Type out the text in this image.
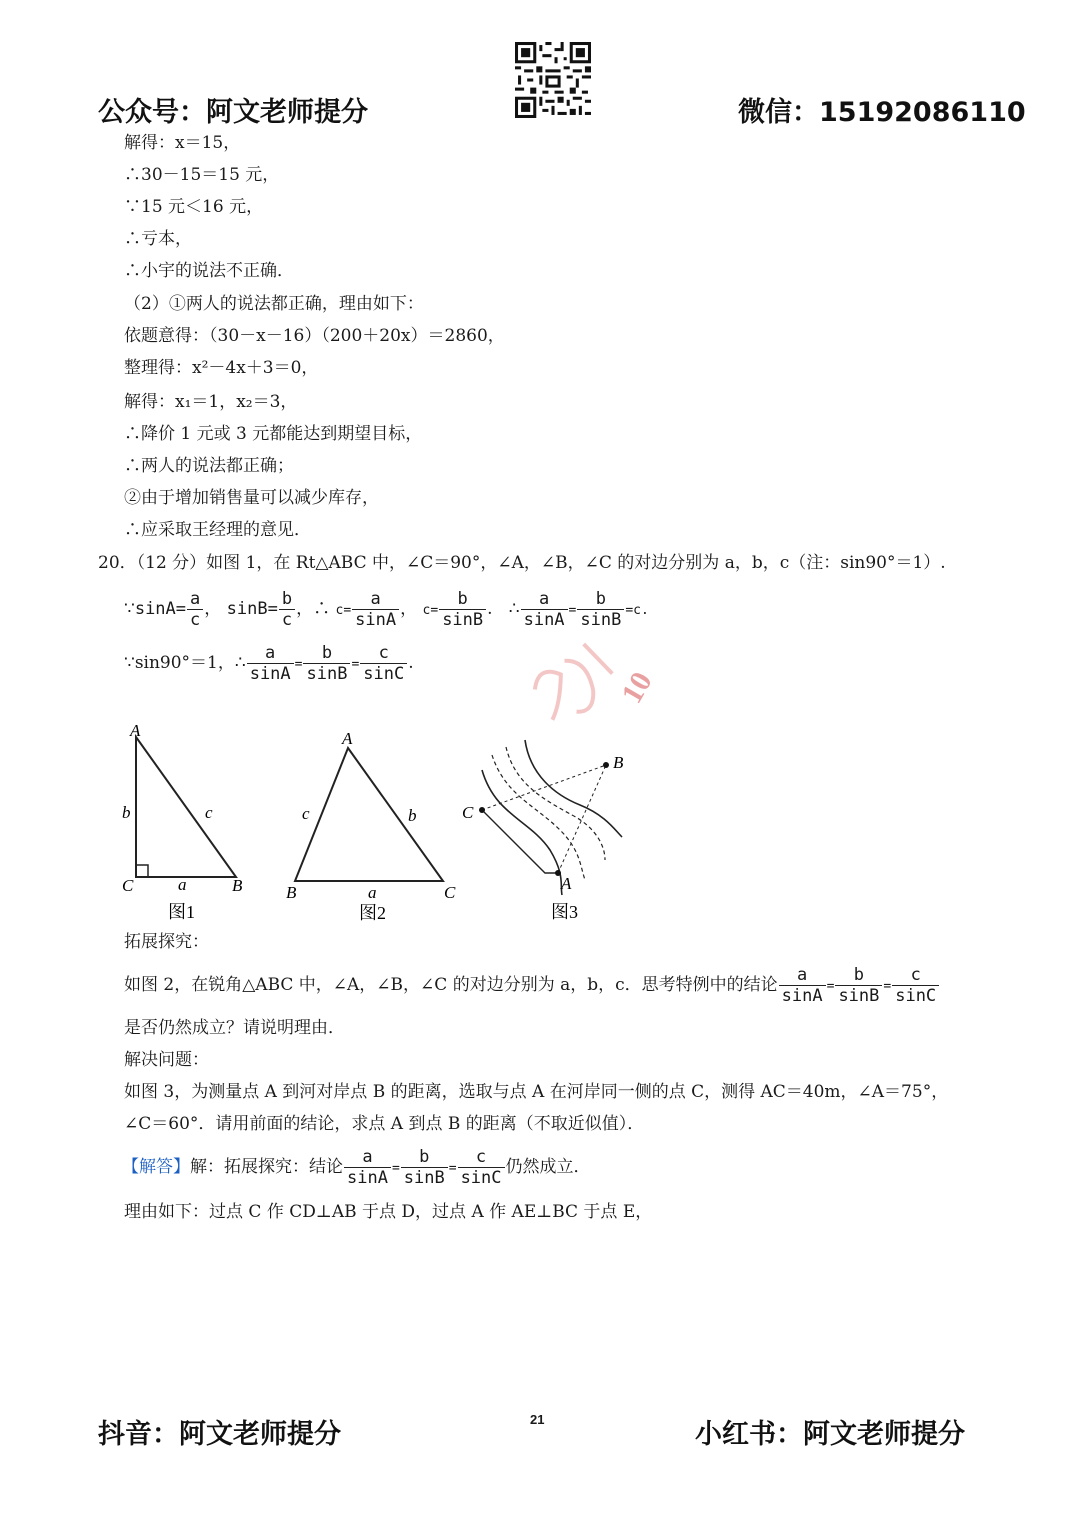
公众号：阿文老师提分	微信：15192086110
解得：x＝15，
∴30－15＝15 元，
∵15 元＜16 元，
∴亏本，
∴小宇的说法不正确．
（2）①两人的说法都正确，理由如下：
依题意得：（30－x－16）（200＋20x）＝2860，
整理得：x²－4x＋3＝0，
解得：x₁＝1，x₂＝3，
∴降价 1 元或 3 元都能达到期望目标，
∴两人的说法都正确；
②由于增加销售量可以减少库存，
∴应采取王经理的意见．
20．（12 分）如图 1，在 Rt△ABC 中，∠C＝90°，∠A，∠B，∠C 的对边分别为 a，b，c（注：sin90°＝1）.
∵sinA= $\frac{a}{c}$ ， $\sin B= \frac{b}{c}$ ，∴ $c= \frac{a}{\sin A}$ ， $c= \frac{b}{\sin B}$ .   ∴ $\frac{a}{\sin A} = \frac{b}{\sin B} =c$.
∵sin90°＝1，∴ $\frac{a}{\sin A} = \frac{b}{\sin B} = \frac{c}{\sin C}$ .
10
A
C	B
b	c
a
图1
A
B	C
c	b
a
图2
C
A
B
图3
拓展探究：
如图 2，在锐角△ABC 中，∠A，∠B，∠C 的对边分别为 a，b，c．思考特例中的结论 $\frac{a}{\sin A} = \frac{b}{\sin B} = \frac{c}{\sin C}$
是否仍然成立？请说明理由．
解决问题：
如图 3，为测量点 A 到河对岸点 B 的距离，选取与点 A 在河岸同一侧的点 C，测得 AC＝40m，∠A＝75°，
∠C＝60°．请用前面的结论，求点 A 到点 B 的距离（不取近似值）．
【解答】解：拓展探究：结论 $\frac{a}{\sin A} = \frac{b}{\sin B} = \frac{c}{\sin C}$ 仍然成立．
理由如下：过点 C 作 CD⊥AB 于点 D，过点 A 作 AE⊥BC 于点 E，
抖音：阿文老师提分	21	小红书：阿文老师提分
